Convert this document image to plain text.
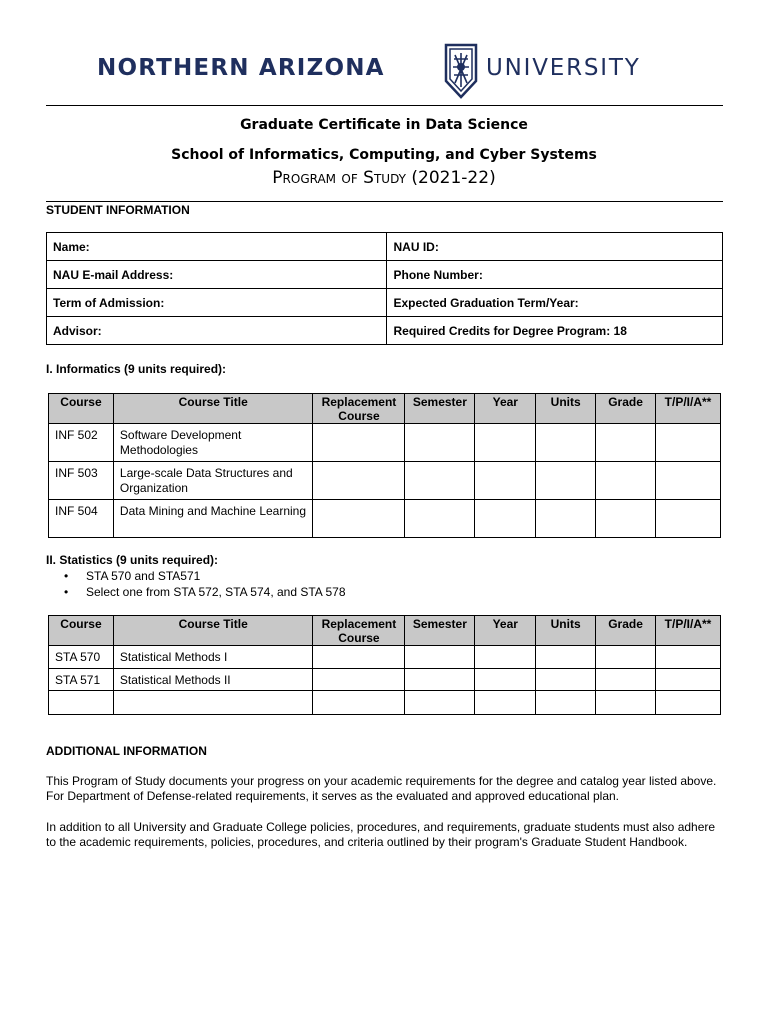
NORTHERN ARIZONA	UNIVERSITY
Graduate Certificate in Data Science
School of Informatics, Computing, and Cyber Systems
Program of Study (2021-22)
STUDENT INFORMATION
Name:	NAU ID:
NAU E-mail Address:	Phone Number:
Term of Admission:	Expected Graduation Term/Year:
Advisor:	Required Credits for Degree Program: 18
I. Informatics (9 units required):
Course	Course Title	Replacement Course	Semester	Year	Units	Grade	T/P/I/A**
INF 502	Software Development Methodologies						
INF 503	Large-scale Data Structures and Organization						
INF 504	Data Mining and Machine Learning						
II. Statistics (9 units required):
• STA 570 and STA571
• Select one from STA 572, STA 574, and STA 578
Course	Course Title	Replacement Course	Semester	Year	Units	Grade	T/P/I/A**
STA 570	Statistical Methods I						
STA 571	Statistical Methods II						

ADDITIONAL INFORMATION
This Program of Study documents your progress on your academic requirements for the degree and catalog year listed above. For Department of Defense-related requirements, it serves as the evaluated and approved educational plan.
In addition to all University and Graduate College policies, procedures, and requirements, graduate students must also adhere to the academic requirements, policies, procedures, and criteria outlined by their program's Graduate Student Handbook.
